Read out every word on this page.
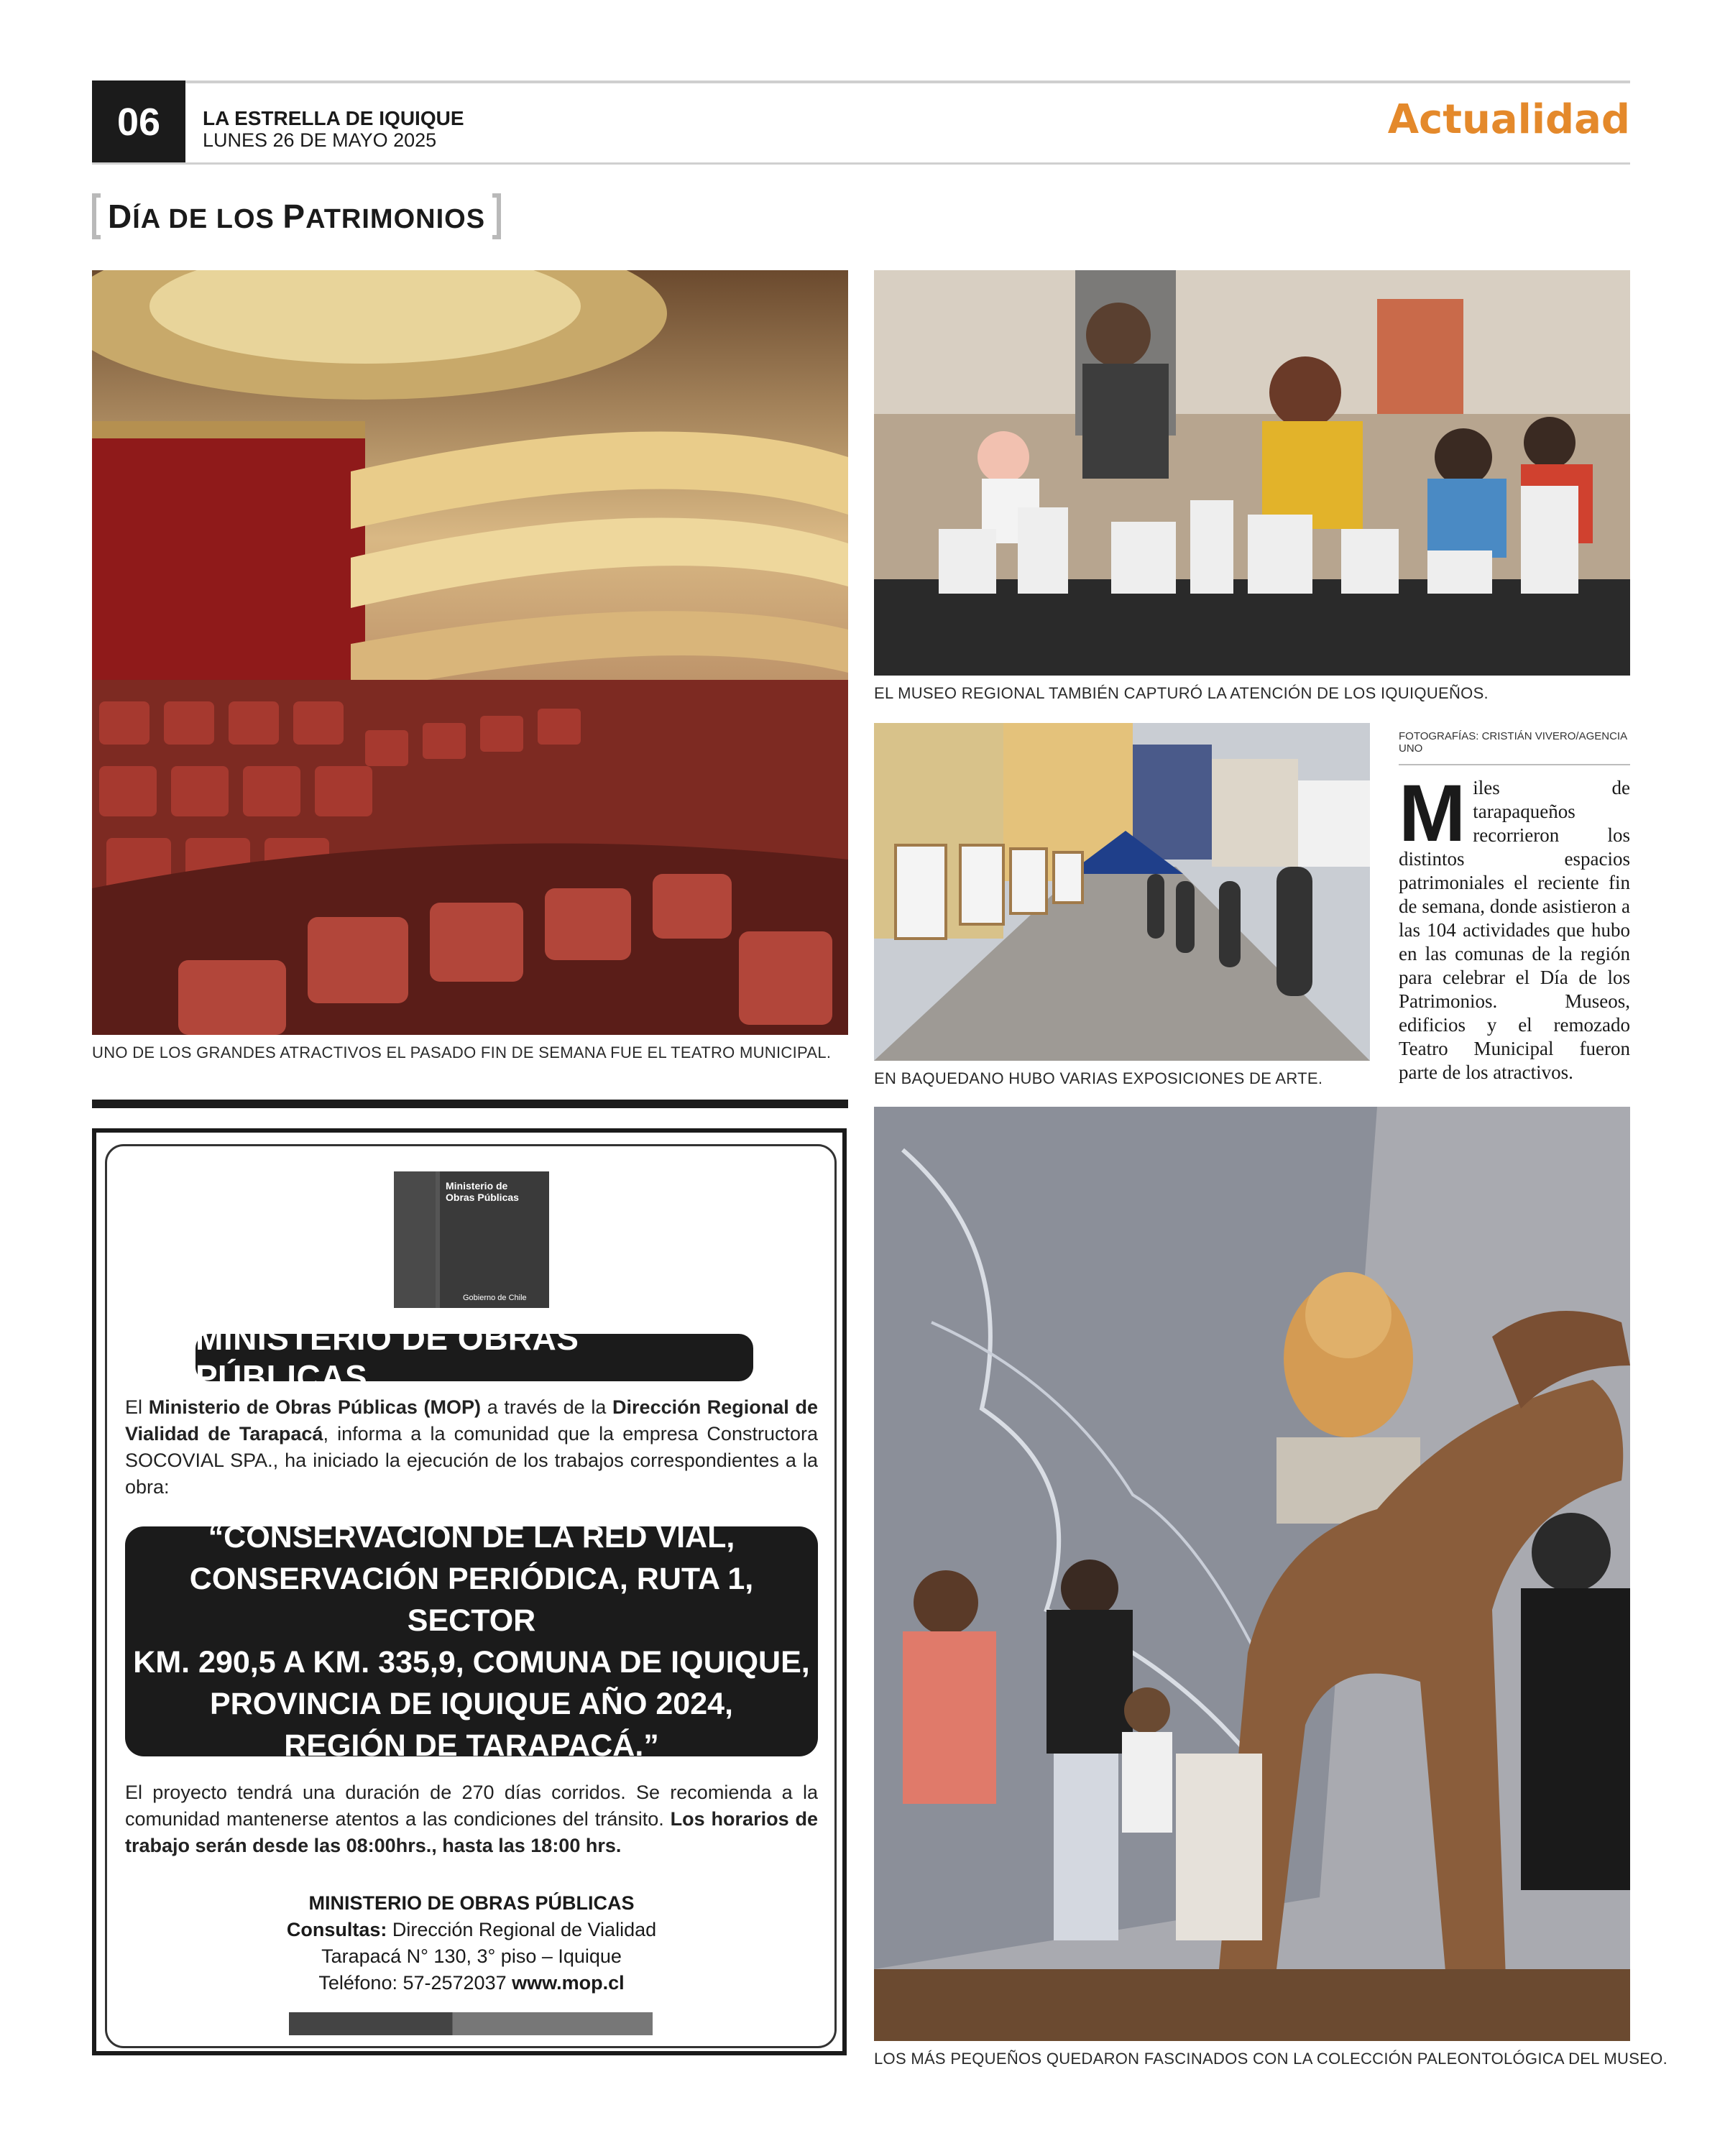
06	LA ESTRELLA DE IQUIQUE
LUNES 26 DE MAYO 2025	Actualidad
DÍA DE LOS PATRIMONIOS
UNO DE LOS GRANDES ATRACTIVOS EL PASADO FIN DE SEMANA FUE EL TEATRO MUNICIPAL.
EL MUSEO REGIONAL TAMBIÉN CAPTURÓ LA ATENCIÓN DE LOS IQUIQUEÑOS.
EN BAQUEDANO HUBO VARIAS EXPOSICIONES DE ARTE.
FOTOGRAFÍAS: CRISTIÁN VIVERO/AGENCIA UNO
Miles de tarapaqueños recorrieron los distintos espacios patrimoniales el reciente fin de semana, donde asistieron a las 104 actividades que hubo en las comunas de la región para celebrar el Día de los Patrimonios. Museos, edificios y el remozado Teatro Municipal fueron parte de los atractivos.
LOS MÁS PEQUEÑOS QUEDARON FASCINADOS CON LA COLECCIÓN PALEONTOLÓGICA DEL MUSEO.
Ministerio de
Obras Públicas
Gobierno de Chile
MINISTERIO DE OBRAS PÚBLICAS
El Ministerio de Obras Públicas (MOP) a través de la Dirección Regional de Vialidad de Tarapacá, informa a la comunidad que la empresa Constructora SOCOVIAL SPA., ha iniciado la ejecución de los trabajos correspondientes a la obra:
“CONSERVACIÓN DE LA RED VIAL,
CONSERVACIÓN PERIÓDICA, RUTA 1, SECTOR
KM. 290,5 A KM. 335,9, COMUNA DE IQUIQUE,
PROVINCIA DE IQUIQUE AÑO 2024,
REGIÓN DE TARAPACÁ.”
El proyecto tendrá una duración de 270 días corridos. Se recomienda a la comunidad mantenerse atentos a las condiciones del tránsito. Los horarios de trabajo serán desde las 08:00hrs., hasta las 18:00 hrs.
MINISTERIO DE OBRAS PÚBLICAS
Consultas: Dirección Regional de Vialidad
Tarapacá N° 130, 3° piso – Iquique
Teléfono: 57-2572037 www.mop.cl
